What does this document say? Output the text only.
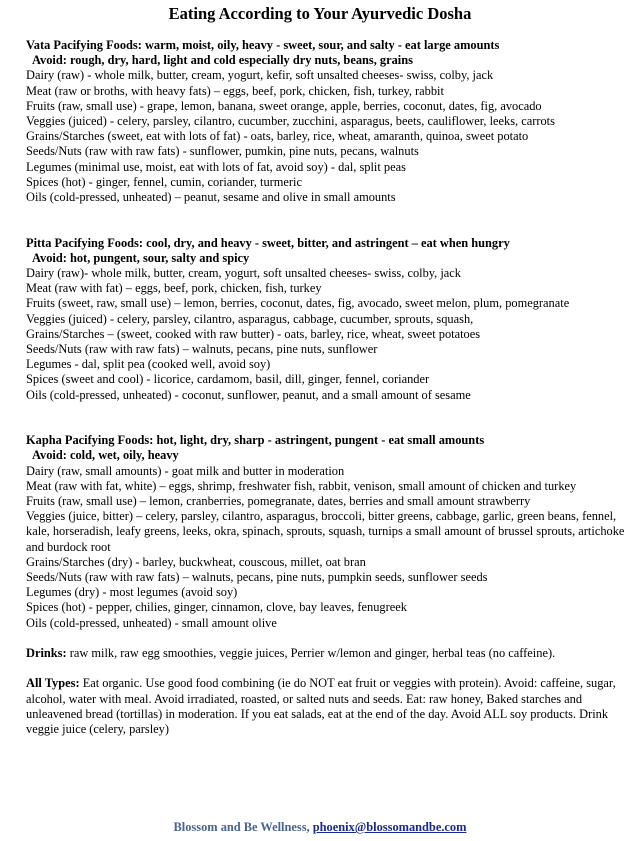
Eating According to Your Ayurvedic Dosha
Vata Pacifying Foods: warm, moist, oily, heavy - sweet, sour, and salty - eat large amounts
Avoid: rough, dry, hard, light and cold especially dry nuts, beans, grains
Dairy (raw) - whole milk, butter, cream, yogurt, kefir, soft unsalted cheeses- swiss, colby, jack
Meat (raw or broths, with heavy fats) – eggs, beef, pork, chicken, fish, turkey, rabbit
Fruits (raw, small use) - grape, lemon, banana, sweet orange, apple, berries, coconut, dates, fig, avocado
Veggies (juiced) - celery, parsley, cilantro, cucumber, zucchini, asparagus, beets, cauliflower, leeks, carrots
Grains/Starches (sweet, eat with lots of fat) - oats, barley, rice, wheat, amaranth, quinoa, sweet potato
Seeds/Nuts (raw with raw fats) - sunflower, pumkin, pine nuts, pecans, walnuts
Legumes (minimal use, moist, eat with lots of fat, avoid soy) - dal, split peas
Spices (hot) - ginger, fennel, cumin, coriander, turmeric
Oils (cold-pressed, unheated) – peanut, sesame and olive in small amounts
Pitta Pacifying Foods: cool, dry, and heavy - sweet, bitter, and astringent – eat when hungry
Avoid: hot, pungent, sour, salty and spicy
Dairy (raw)- whole milk, butter, cream, yogurt, soft unsalted cheeses- swiss, colby, jack
Meat (raw with fat) – eggs, beef, pork, chicken, fish, turkey
Fruits (sweet, raw, small use) – lemon, berries, coconut, dates, fig, avocado, sweet melon, plum, pomegranate
Veggies (juiced) - celery, parsley, cilantro, asparagus, cabbage, cucumber, sprouts, squash,
Grains/Starches – (sweet, cooked with raw butter) - oats, barley, rice, wheat, sweet potatoes
Seeds/Nuts (raw with raw fats) – walnuts, pecans, pine nuts, sunflower
Legumes - dal, split pea (cooked well, avoid soy)
Spices (sweet and cool) - licorice, cardamom, basil, dill, ginger, fennel, coriander
Oils (cold-pressed, unheated) - coconut, sunflower, peanut, and a small amount of sesame
Kapha Pacifying Foods: hot, light, dry, sharp - astringent, pungent - eat small amounts
Avoid: cold, wet, oily, heavy
Dairy (raw, small amounts) - goat milk and butter in moderation
Meat (raw with fat, white) – eggs, shrimp, freshwater fish, rabbit, venison, small amount of chicken and turkey
Fruits (raw, small use) – lemon, cranberries, pomegranate, dates, berries and small amount strawberry
Veggies (juice, bitter) – celery, parsley, cilantro, asparagus, broccoli, bitter greens, cabbage, garlic, green beans, fennel, kale, horseradish, leafy greens, leeks, okra, spinach, sprouts, squash, turnips a small amount of brussel sprouts, artichoke and burdock root
Grains/Starches (dry) - barley, buckwheat, couscous, millet, oat bran
Seeds/Nuts (raw with raw fats) – walnuts, pecans, pine nuts, pumpkin seeds, sunflower seeds
Legumes (dry) - most legumes (avoid soy)
Spices (hot) - pepper, chilies, ginger, cinnamon, clove, bay leaves, fenugreek
Oils (cold-pressed, unheated) - small amount olive
Drinks: raw milk, raw egg smoothies, veggie juices, Perrier w/lemon and ginger, herbal teas (no caffeine).
All Types: Eat organic. Use good food combining (ie do NOT eat fruit or veggies with protein). Avoid: caffeine, sugar, alcohol, water with meal. Avoid irradiated, roasted, or salted nuts and seeds. Eat: raw honey, Baked starches and unleavened bread (tortillas) in moderation. If you eat salads, eat at the end of the day. Avoid ALL soy products. Drink veggie juice (celery, parsley)
Blossom and Be Wellness, phoenix@blossomandbe.com
